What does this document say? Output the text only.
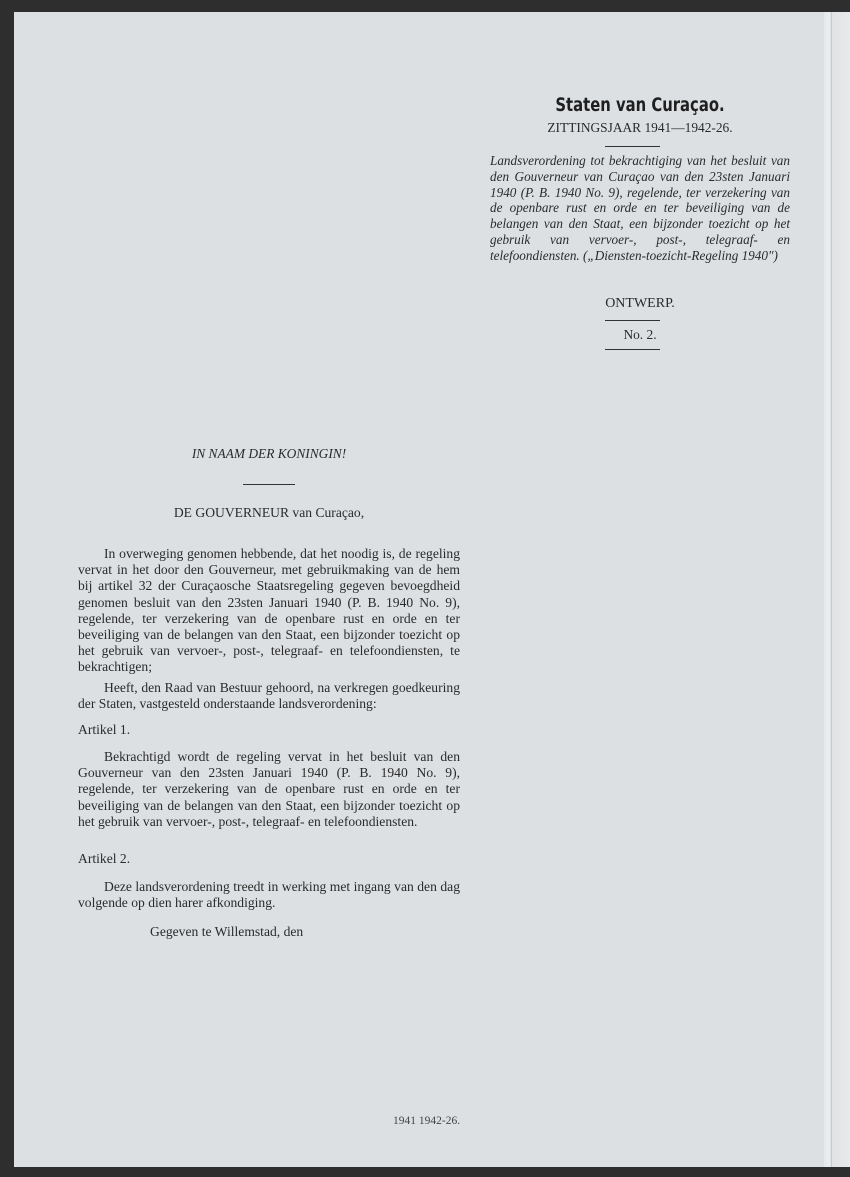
Staten van Curaçao.
ZITTINGSJAAR 1941—1942-26.
Landsverordening tot bekrachtiging van het besluit van den Gouverneur van Curaçao van den 23sten Januari 1940 (P. B. 1940 No. 9), regelende, ter verzekering van de openbare rust en orde en ter beveiliging van de belangen van den Staat, een bijzonder toezicht op het gebruik van vervoer-, post-, telegraaf- en telefoondiensten. („Diensten-toezicht-Regeling 1940")
ONTWERP.
No. 2.
IN NAAM DER KONINGIN!
DE GOUVERNEUR van Curaçao,

In overweging genomen hebbende, dat het noodig is, de regeling vervat in het door den Gouverneur, met gebruikmaking van de hem bij artikel 32 der Curaçaosche Staatsregeling gegeven bevoegdheid genomen besluit van den 23sten Januari 1940 (P. B. 1940 No. 9), regelende, ter verzekering van de openbare rust en orde en ter beveiliging van de belangen van den Staat, een bijzonder toezicht op het gebruik van vervoer-, post-, telegraaf- en telefoondiensten, te bekrachtigen;

Heeft, den Raad van Bestuur gehoord, na verkregen goedkeuring der Staten, vastgesteld onderstaande landsverordening:

Artikel 1.

Bekrachtigd wordt de regeling vervat in het besluit van den Gouverneur van den 23sten Januari 1940 (P. B. 1940 No. 9), regelende, ter verzekering van de openbare rust en orde en ter beveiliging van de belangen van den Staat, een bijzonder toezicht op het gebruik van vervoer-, post-, telegraaf- en telefoondiensten.

Artikel 2.

Deze landsverordening treedt in werking met ingang van den dag volgende op dien harer afkondiging.

Gegeven te Willemstad, den

1941 1942-26.
